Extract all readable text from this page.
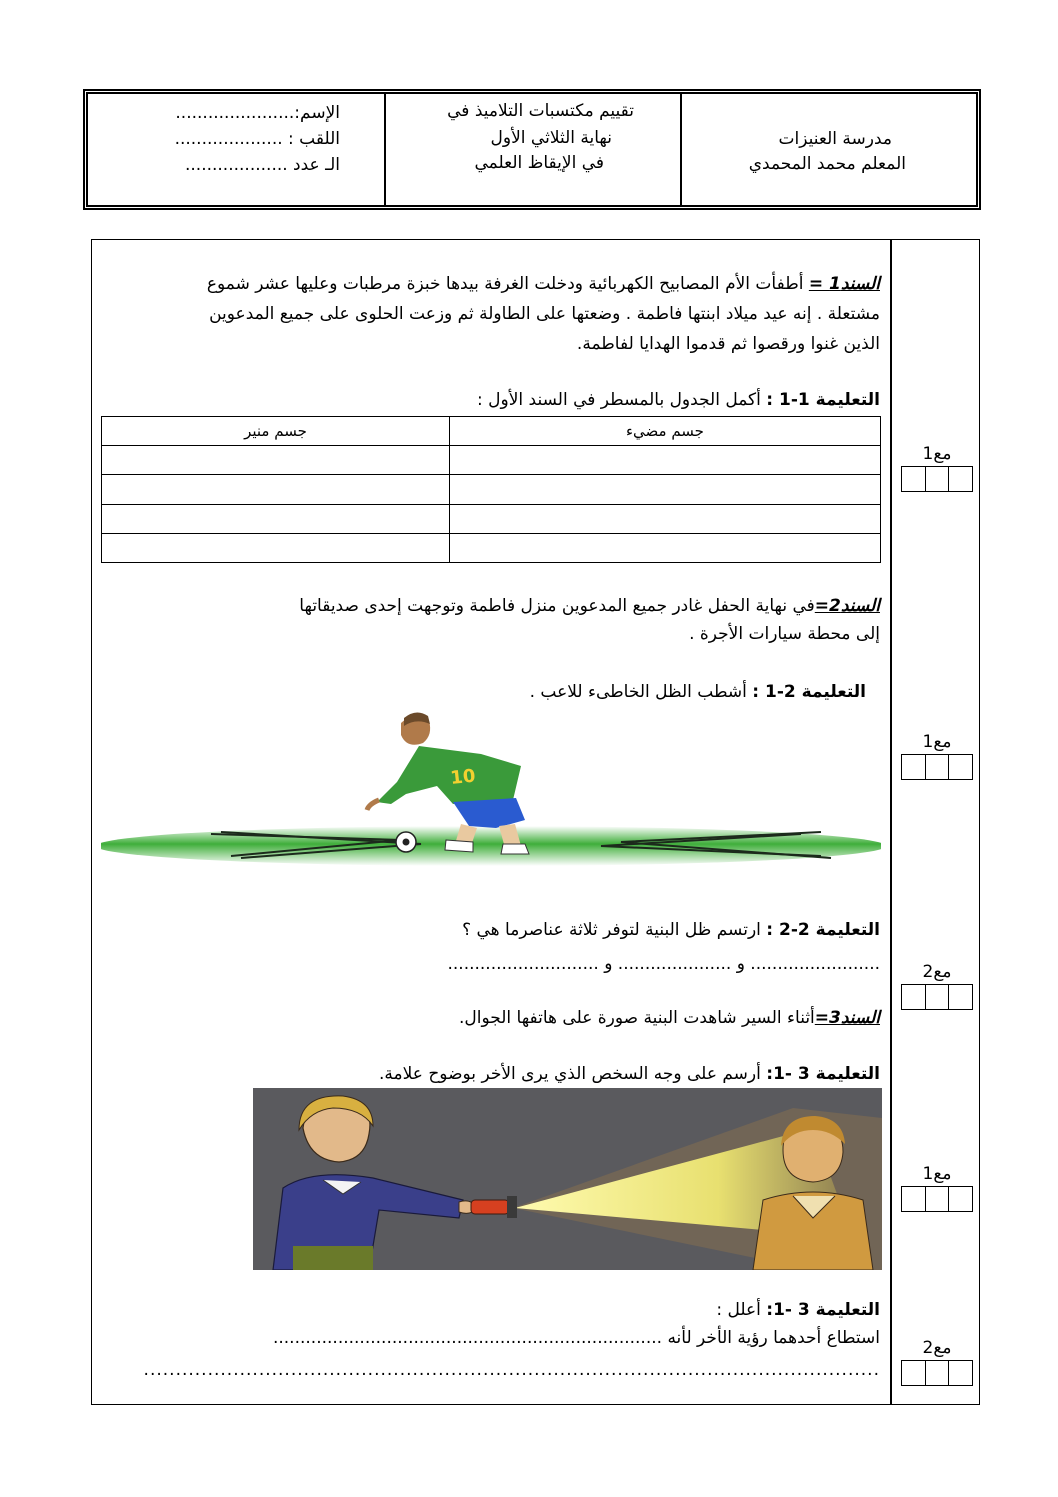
الإسم:......................
اللقب : ....................
الـ عدد ...................
تقييم مكتسبات التلاميذ في
نهاية الثلاثي الأول
في الإيقاظ العلمي
مدرسة العنيزات
المعلم محمد المحمدي
السند1 = أطفأت الأم المصابيح الكهربائية ودخلت الغرفة بيدها خبزة مرطبات وعليها عشر شموع
مشتعلة . إنه عيد ميلاد ابنتها فاطمة . وضعتها على الطاولة ثم وزعت الحلوى على جميع المدعوين
الذين غنوا ورقصوا ثم قدموا الهدايا لفاطمة.
التعليمة 1-1 : أكمل الجدول بالمسطر في السند الأول :
جسم منير	جسم مضيء

السند2=في نهاية الحفل غادر جميع المدعوين منزل فاطمة وتوجهت إحدى صديقاتها
إلى محطة سيارات الأجرة .
التعليمة 2-1 : أشطب الظل الخاطىء للاعب .
10
التعليمة 2-2 : ارتسم ظل البنية لتوفر ثلاثة عناصرما هي ؟
........................ و ..................... و ............................
السند3=أثناء السير شاهدت البنية صورة على هاتفها الجوال.
التعليمة 3 -1: أرسم على وجه السخص الذي يرى الأخر بوضوح علامة.
التعليمة 3 -1: أعلل :
استطاع أحدهما رؤية الأخر لأنه ........................................................................
...................................................................................................................
مع1
مع1
مع2
مع1
مع2
